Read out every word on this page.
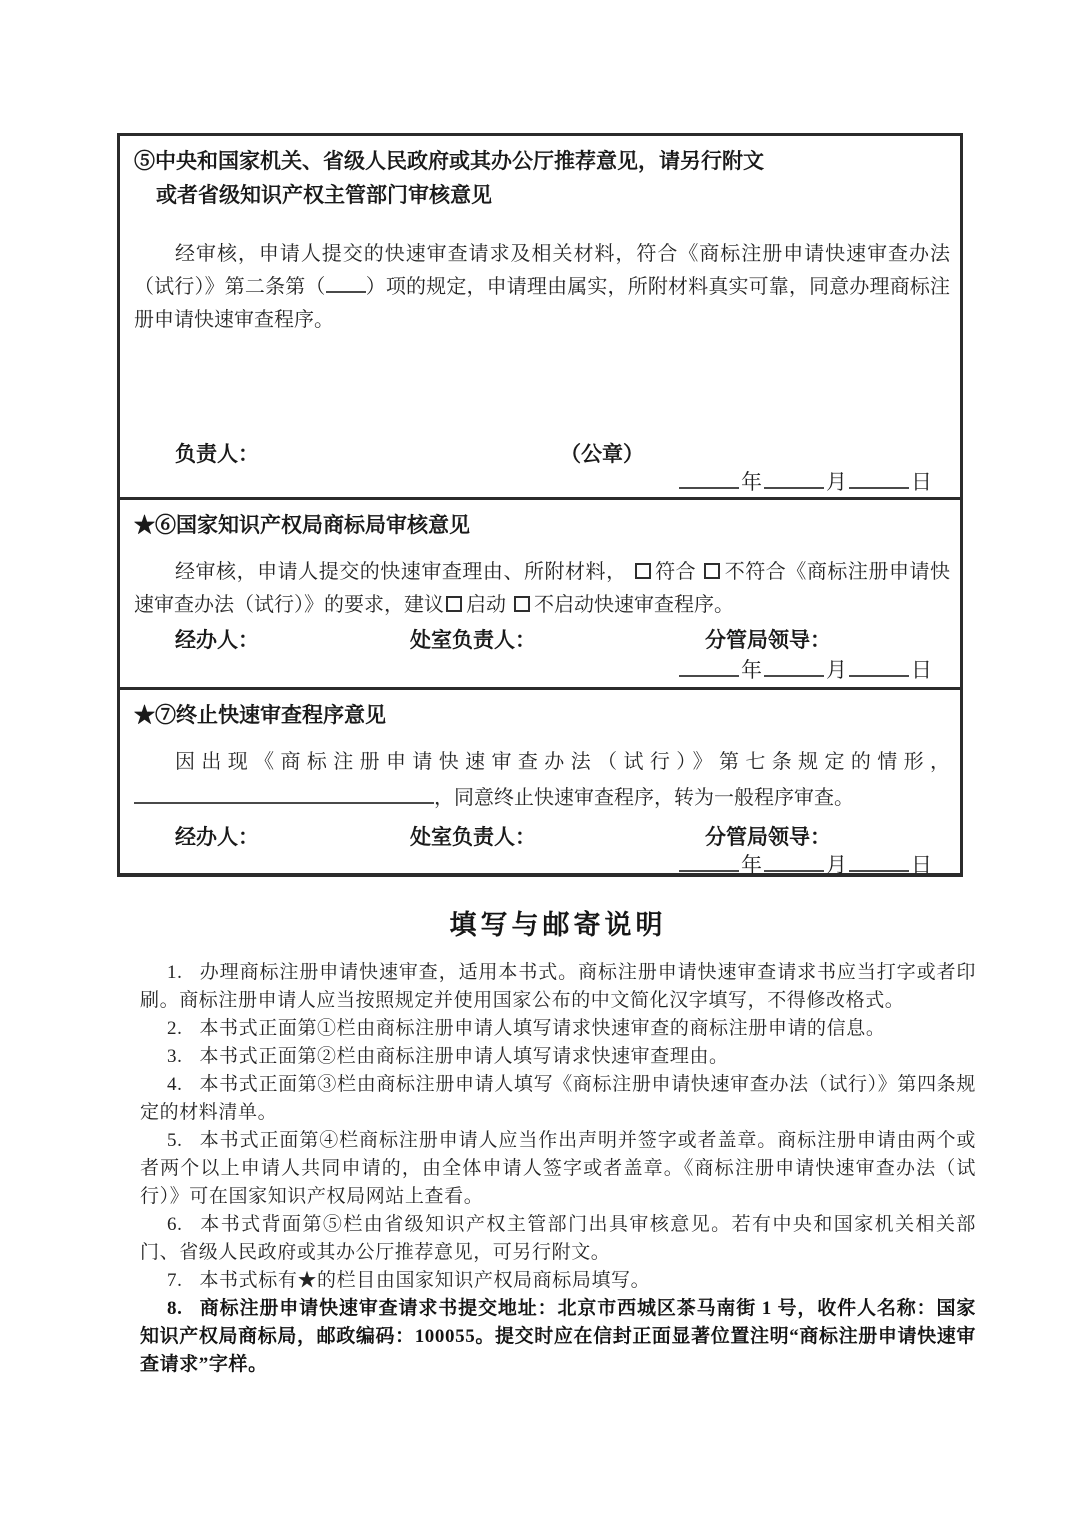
⑤中央和国家机关、省级人民政府或其办公厅推荐意见，请另行附文

或者省级知识产权主管部门审核意见

经审核，申请人提交的快速审查请求及相关材料，符合《商标注册申请快速审查办法（试行）》第二条第（ ）项的规定，申请理由属实，所附材料真实可靠，同意办理商标注册申请快速审查程序。

负责人：	（公章）
年	月	日

★⑥国家知识产权局商标局审核意见

经审核，申请人提交的快速审查理由、所附材料， 符合 不符合《商标注册申请快速审查办法（试行）》的要求，建议 启动 不启动快速审查程序。

经办人：	处室负责人：	分管局领导：
年	月	日

★⑦终止快速审查程序意见

因出现《商标注册申请快速审查办法（试行）》第七条规定的情形，，同意终止快速审查程序，转为一般程序审查。

经办人：	处室负责人：	分管局领导：
年	月	日
填写与邮寄说明

1. 办理商标注册申请快速审查，适用本书式。商标注册申请快速审查请求书应当打字或者印刷。商标注册申请人应当按照规定并使用国家公布的中文简化汉字填写，不得修改格式。

2. 本书式正面第①栏由商标注册申请人填写请求快速审查的商标注册申请的信息。

3. 本书式正面第②栏由商标注册申请人填写请求快速审查理由。

4. 本书式正面第③栏由商标注册申请人填写《商标注册申请快速审查办法（试行）》第四条规定的材料清单。

5. 本书式正面第④栏商标注册申请人应当作出声明并签字或者盖章。商标注册申请由两个或者两个以上申请人共同申请的，由全体申请人签字或者盖章。《商标注册申请快速审查办法（试行）》可在国家知识产权局网站上查看。

6. 本书式背面第⑤栏由省级知识产权主管部门出具审核意见。若有中央和国家机关相关部门、省级人民政府或其办公厅推荐意见，可另行附文。

7. 本书式标有★的栏目由国家知识产权局商标局填写。

8. 商标注册申请快速审查请求书提交地址：北京市西城区茶马南街 1 号，收件人名称：国家知识产权局商标局，邮政编码：100055。提交时应在信封正面显著位置注明“商标注册申请快速审查请求”字样。
